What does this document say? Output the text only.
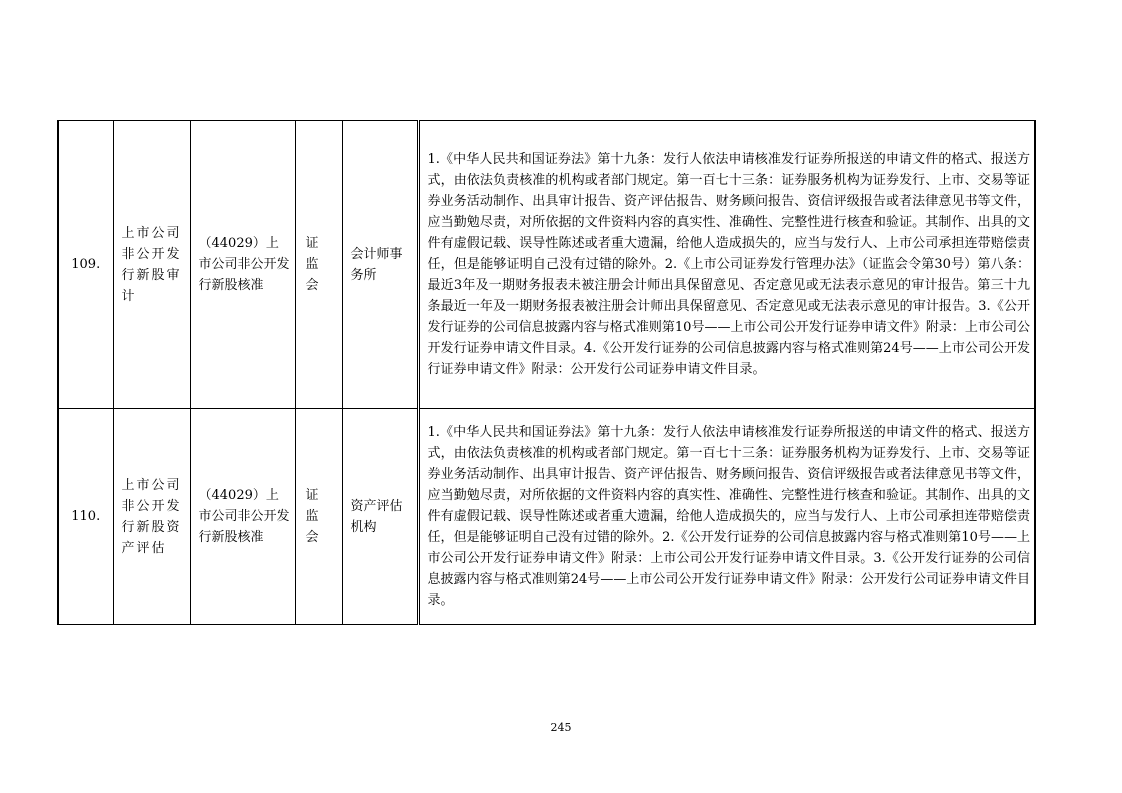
109.	上市公司非公开发行新股审计	（44029）上市公司非公开发行新股核准	证监会	会计师事务所	1.《中华人民共和国证券法》第十九条：发行人依法申请核准发行证券所报送的申请文件的格式、报送方式，由依法负责核准的机构或者部门规定。第一百七十三条：证券服务机构为证券发行、上市、交易等证券业务活动制作、出具审计报告、资产评估报告、财务顾问报告、资信评级报告或者法律意见书等文件，应当勤勉尽责，对所依据的文件资料内容的真实性、准确性、完整性进行核查和验证。其制作、出具的文件有虚假记载、误导性陈述或者重大遗漏，给他人造成损失的，应当与发行人、上市公司承担连带赔偿责任，但是能够证明自己没有过错的除外。2.《上市公司证券发行管理办法》（证监会令第30号）第八条：最近3年及一期财务报表未被注册会计师出具保留意见、否定意见或无法表示意见的审计报告。第三十九条最近一年及一期财务报表被注册会计师出具保留意见、否定意见或无法表示意见的审计报告。3.《公开发行证券的公司信息披露内容与格式准则第10号——上市公司公开发行证券申请文件》附录：上市公司公开发行证券申请文件目录。4.《公开发行证券的公司信息披露内容与格式准则第24号——上市公司公开发行证券申请文件》附录：公开发行公司证券申请文件目录。
110.	上市公司非公开发行新股资产评估	（44029）上市公司非公开发行新股核准	证监会	资产评估机构	1.《中华人民共和国证券法》第十九条：发行人依法申请核准发行证券所报送的申请文件的格式、报送方式，由依法负责核准的机构或者部门规定。第一百七十三条：证券服务机构为证券发行、上市、交易等证券业务活动制作、出具审计报告、资产评估报告、财务顾问报告、资信评级报告或者法律意见书等文件，应当勤勉尽责，对所依据的文件资料内容的真实性、准确性、完整性进行核查和验证。其制作、出具的文件有虚假记载、误导性陈述或者重大遗漏，给他人造成损失的，应当与发行人、上市公司承担连带赔偿责任，但是能够证明自己没有过错的除外。2.《公开发行证券的公司信息披露内容与格式准则第10号——上市公司公开发行证券申请文件》附录：上市公司公开发行证券申请文件目录。3.《公开发行证券的公司信息披露内容与格式准则第24号——上市公司公开发行证券申请文件》附录：公开发行公司证券申请文件目录。
245
